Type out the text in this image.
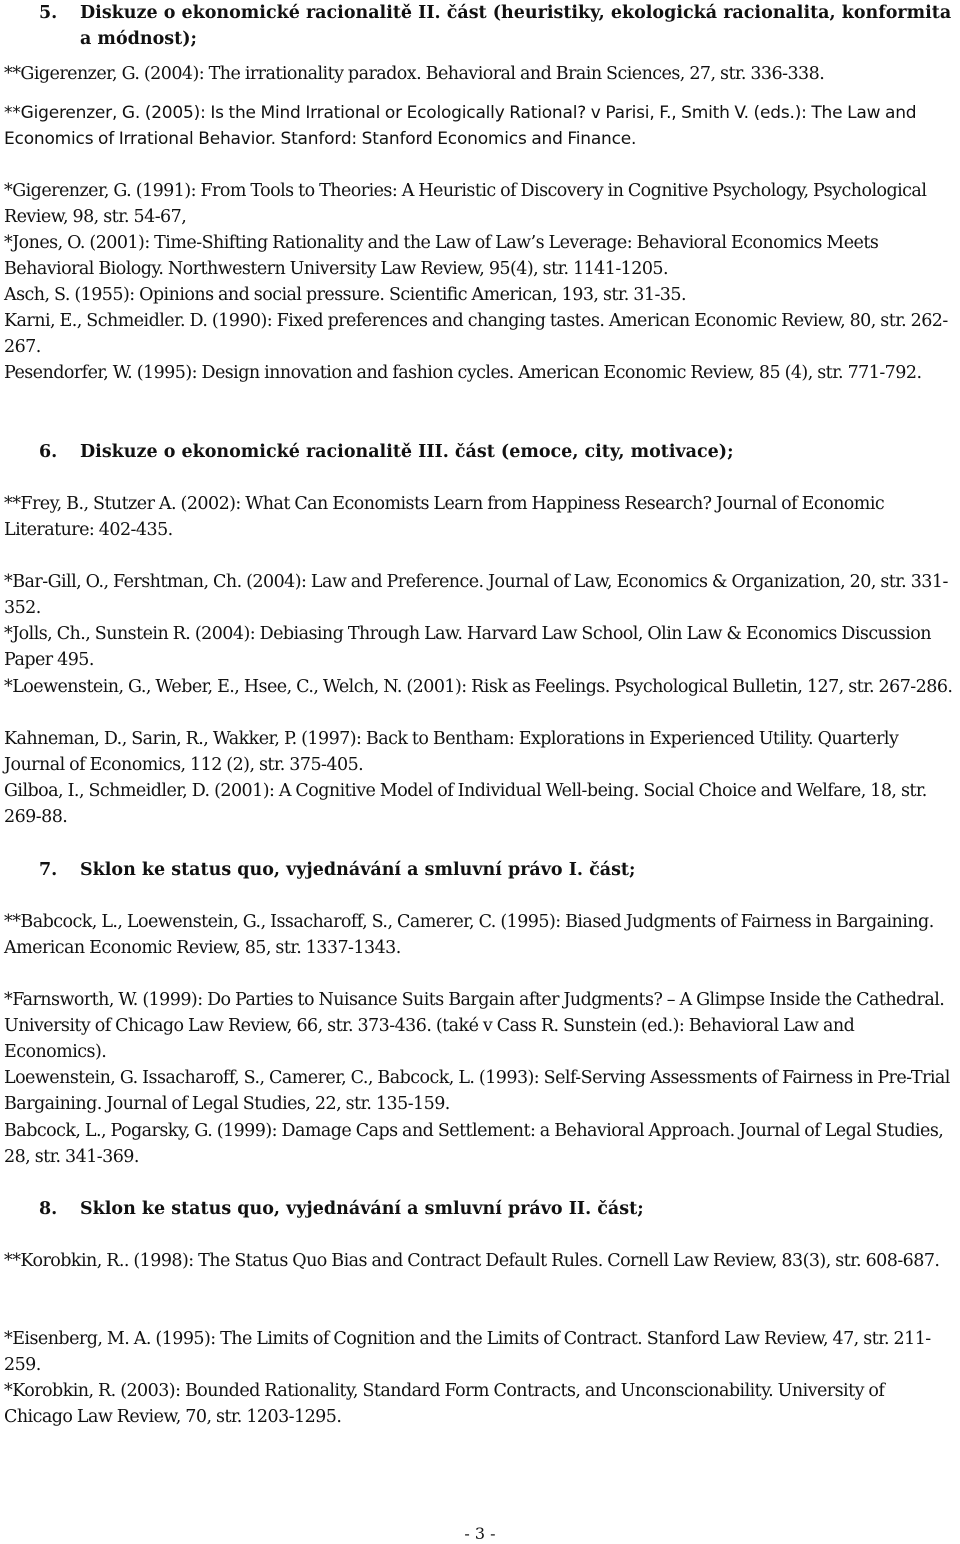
5. Diskuze o ekonomické racionalitě II. část (heuristiky, ekologická racionalita, konformita a módnost);

**Gigerenzer, G. (2004): The irrationality paradox. Behavioral and Brain Sciences, 27, str. 336-338.

**Gigerenzer, G. (2005): Is the Mind Irrational or Ecologically Rational? v Parisi, F., Smith V. (eds.): The Law and Economics of Irrational Behavior. Stanford: Stanford Economics and Finance.

*Gigerenzer, G. (1991): From Tools to Theories: A Heuristic of Discovery in Cognitive Psychology, Psychological Review, 98, str. 54-67,

*Jones, O. (2001): Time-Shifting Rationality and the Law of Law’s Leverage: Behavioral Economics Meets Behavioral Biology. Northwestern University Law Review, 95(4), str. 1141-1205.

Asch, S. (1955): Opinions and social pressure. Scientific American, 193, str. 31-35.

Karni, E., Schmeidler. D. (1990): Fixed preferences and changing tastes. American Economic Review, 80, str. 262-267.

Pesendorfer, W. (1995): Design innovation and fashion cycles. American Economic Review, 85 (4), str. 771-792.

6. Diskuze o ekonomické racionalitě III. část (emoce, city, motivace);

**Frey, B., Stutzer A. (2002): What Can Economists Learn from Happiness Research? Journal of Economic Literature: 402-435.

*Bar-Gill, O., Fershtman, Ch. (2004): Law and Preference. Journal of Law, Economics & Organization, 20, str. 331-352.

*Jolls, Ch., Sunstein R. (2004): Debiasing Through Law. Harvard Law School, Olin Law & Economics Discussion Paper 495.

*Loewenstein, G., Weber, E., Hsee, C., Welch, N. (2001): Risk as Feelings. Psychological Bulletin, 127, str. 267-286.

Kahneman, D., Sarin, R., Wakker, P. (1997): Back to Bentham: Explorations in Experienced Utility. Quarterly Journal of Economics, 112 (2), str. 375-405.

Gilboa, I., Schmeidler, D. (2001): A Cognitive Model of Individual Well-being. Social Choice and Welfare, 18, str. 269-88.

7. Sklon ke status quo, vyjednávání a smluvní právo I. část;

**Babcock, L., Loewenstein, G., Issacharoff, S., Camerer, C. (1995): Biased Judgments of Fairness in Bargaining. American Economic Review, 85, str. 1337-1343.

*Farnsworth, W. (1999): Do Parties to Nuisance Suits Bargain after Judgments? – A Glimpse Inside the Cathedral. University of Chicago Law Review, 66, str. 373-436. (také v Cass R. Sunstein (ed.): Behavioral Law and Economics).

Loewenstein, G. Issacharoff, S., Camerer, C., Babcock, L. (1993): Self-Serving Assessments of Fairness in Pre-Trial Bargaining. Journal of Legal Studies, 22, str. 135-159.

Babcock, L., Pogarsky, G. (1999): Damage Caps and Settlement: a Behavioral Approach. Journal of Legal Studies, 28, str. 341-369.

8. Sklon ke status quo, vyjednávání a smluvní právo II. část;

**Korobkin, R.. (1998): The Status Quo Bias and Contract Default Rules. Cornell Law Review, 83(3), str. 608-687.

*Eisenberg, M. A. (1995): The Limits of Cognition and the Limits of Contract. Stanford Law Review, 47, str. 211-259.

*Korobkin, R. (2003): Bounded Rationality, Standard Form Contracts, and Unconscionability. University of Chicago Law Review, 70, str. 1203-1295.

- 3 -
